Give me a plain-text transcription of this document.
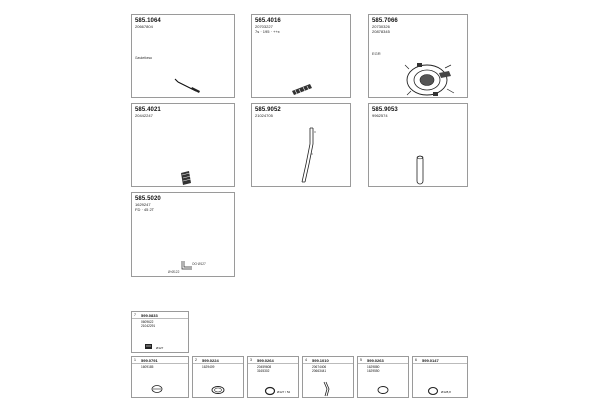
585.1064
20667804
Gasketkesa
565.4016
20703227
7s · 195 · ++x
585.7066
20730326
20878345
EGR
585.4021
20442247
585.9052
21024705
585.9053
9962574
585.5020
1629247
FD · 45 2T
OO·Ø127
Ø·Ø122
7 599.0833
0609622
21042291
Ø127
1 599.0791
1609185
2 599.0224
1629409
3 599.0264
20459608
3165302
Ø127 / 52
4 599.1010
20674406
20663441
5 599.0263
1629880
1629550
6 599.0147
Ø128,8
